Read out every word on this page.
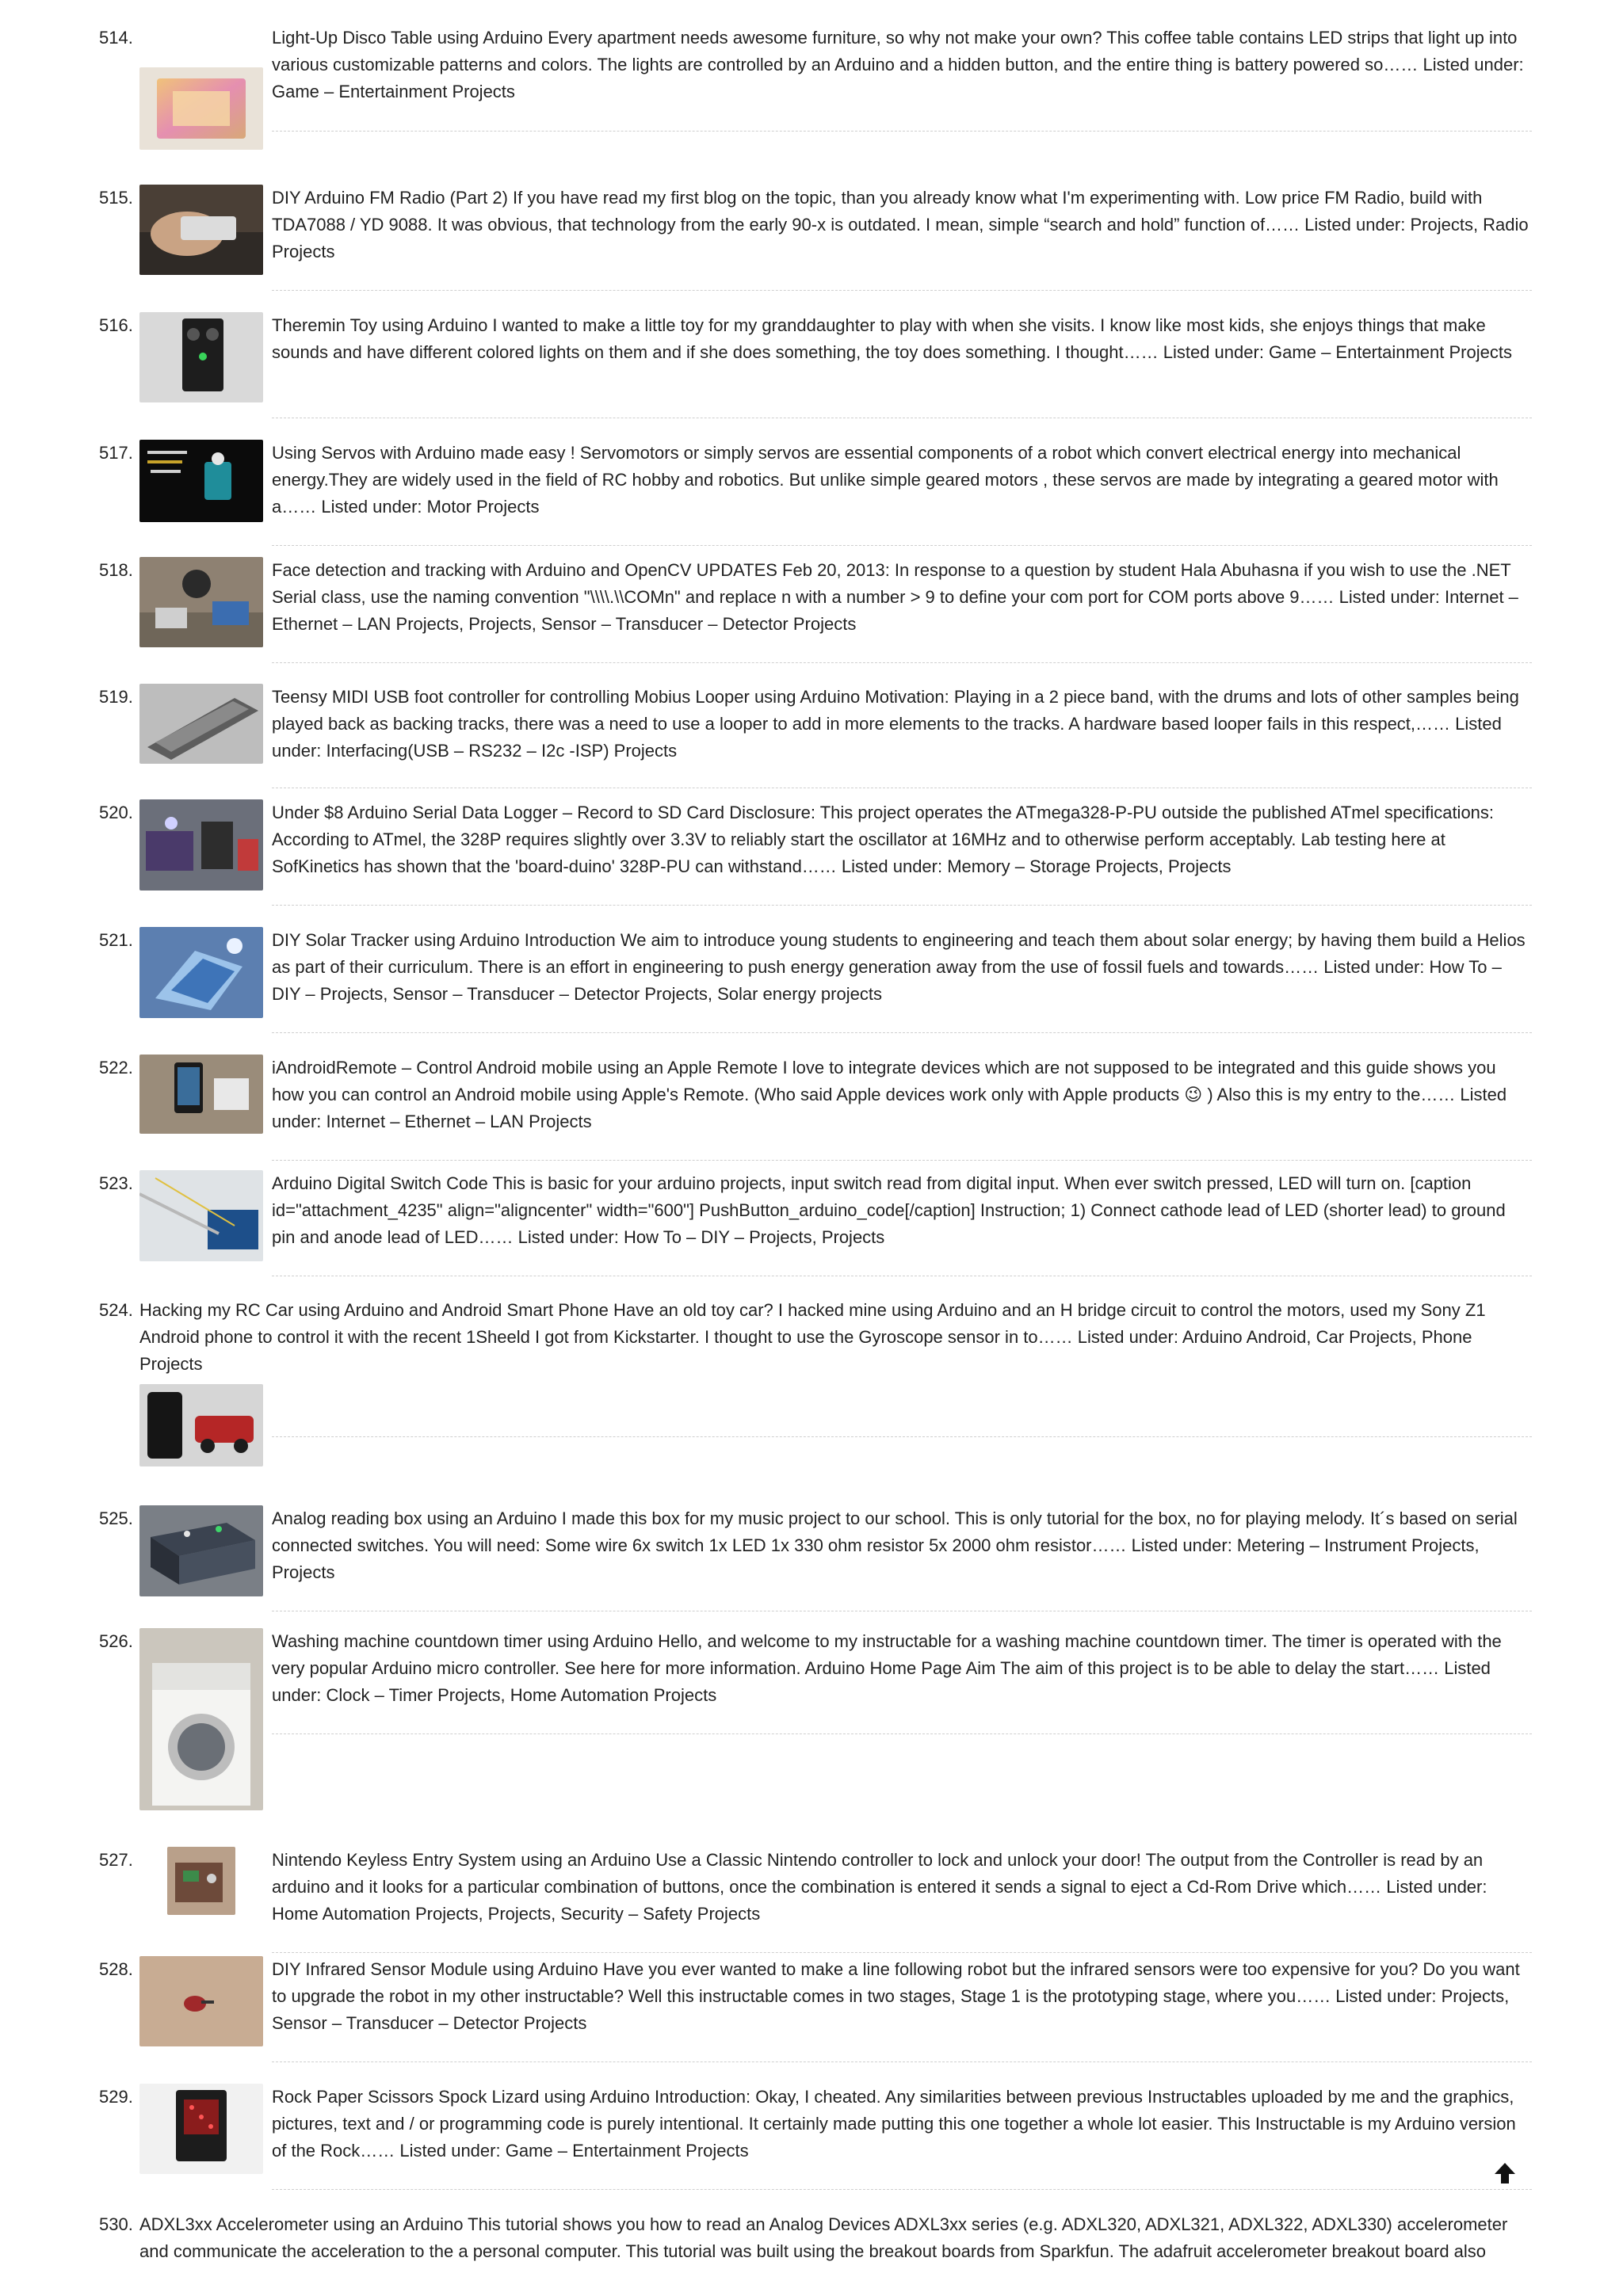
514.	Light-Up Disco Table using Arduino Every apartment needs awesome furniture, so why not make your own? This coffee table contains LED strips that light up into various customizable patterns and colors. The lights are controlled by an Arduino and a hidden button, and the entire thing is battery powered so…… Listed under: Game – Entertainment Projects

515.	DIY Arduino FM Radio (Part 2) If you have read my first blog on the topic, than you already know what I'm experimenting with. Low price FM Radio, build with TDA7088 / YD 9088. It was obvious, that technology from the early 90-x is outdated. I mean, simple “search and hold” function of…… Listed under: Projects, Radio Projects

516.	Theremin Toy using Arduino I wanted to make a little toy for my granddaughter to play with when she visits. I know like most kids, she enjoys things that make sounds and have different colored lights on them and if she does something, the toy does something. I thought…… Listed under: Game – Entertainment Projects

517.	Using Servos with Arduino made easy ! Servomotors or simply servos are essential components of a robot which convert electrical energy into mechanical energy.They are widely used in the field of RC hobby and robotics. But unlike simple geared motors , these servos are made by integrating a geared motor with a…… Listed under: Motor Projects

518.	Face detection and tracking with Arduino and OpenCV UPDATES Feb 20, 2013: In response to a question by student Hala Abuhasna if you wish to use the .NET Serial class, use the naming convention "\\\\.\\COMn" and replace n with a number > 9 to define your com port for COM ports above 9…… Listed under: Internet – Ethernet – LAN Projects, Projects, Sensor – Transducer – Detector Projects

519.	Teensy MIDI USB foot controller for controlling Mobius Looper using Arduino Motivation: Playing in a 2 piece band, with the drums and lots of other samples being played back as backing tracks, there was a need to use a looper to add in more elements to the tracks. A hardware based looper fails in this respect,…… Listed under: Interfacing(USB – RS232 – I2c -ISP) Projects

520.	Under $8 Arduino Serial Data Logger – Record to SD Card Disclosure: This project operates the ATmega328-P-PU outside the published ATmel specifications: According to ATmel, the 328P requires slightly over 3.3V to reliably start the oscillator at 16MHz and to otherwise perform acceptably. Lab testing here at SofKinetics has shown that the 'board-duino' 328P-PU can withstand…… Listed under: Memory – Storage Projects, Projects

521.	DIY Solar Tracker using Arduino Introduction We aim to introduce young students to engineering and teach them about solar energy; by having them build a Helios as part of their curriculum. There is an effort in engineering to push energy generation away from the use of fossil fuels and towards…… Listed under: How To – DIY – Projects, Sensor – Transducer – Detector Projects, Solar energy projects

522.	iAndroidRemote – Control Android mobile using an Apple Remote I love to integrate devices which are not supposed to be integrated and this guide shows you how you can control an Android mobile using Apple's Remote. (Who said Apple devices work only with Apple products 😉 ) Also this is my entry to the…… Listed under: Internet – Ethernet – LAN Projects

523.	Arduino Digital Switch Code This is basic for your arduino projects, input switch read from digital input. When ever switch pressed, LED will turn on. [caption id="attachment_4235" align="aligncenter" width="600"] PushButton_arduino_code[/caption] Instruction; 1) Connect cathode lead of LED (shorter lead) to ground pin and anode lead of LED…… Listed under: How To – DIY – Projects, Projects

524. Hacking my RC Car using Arduino and Android Smart Phone Have an old toy car? I hacked mine using Arduino and an H bridge circuit to control the motors, used my Sony Z1 Android phone to control it with the recent 1Sheeld I got from Kickstarter. I thought to use the Gyroscope sensor in to…… Listed under: Arduino Android, Car Projects, Phone Projects

525.	Analog reading box using an Arduino I made this box for my music project to our school. This is only tutorial for the box, no for playing melody. It´s based on serial connected switches. You will need: Some wire 6x switch 1x LED 1x 330 ohm resistor 5x 2000 ohm resistor…… Listed under: Metering – Instrument Projects, Projects

526.	Washing machine countdown timer using Arduino Hello, and welcome to my instructable for a washing machine countdown timer. The timer is operated with the very popular Arduino micro controller. See here for more information. Arduino Home Page Aim The aim of this project is to be able to delay the start…… Listed under: Clock – Timer Projects, Home Automation Projects

527.	Nintendo Keyless Entry System using an Arduino Use a Classic Nintendo controller to lock and unlock your door! The output from the Controller is read by an arduino and it looks for a particular combination of buttons, once the combination is entered it sends a signal to eject a Cd-Rom Drive which…… Listed under: Home Automation Projects, Projects, Security – Safety Projects

528.	DIY Infrared Sensor Module using Arduino Have you ever wanted to make a line following robot but the infrared sensors were too expensive for you? Do you want to upgrade the robot in my other instructable? Well this instructable comes in two stages, Stage 1 is the prototyping stage, where you…… Listed under: Projects, Sensor – Transducer – Detector Projects

529.	Rock Paper Scissors Spock Lizard using Arduino Introduction: Okay, I cheated. Any similarities between previous Instructables uploaded by me and the graphics, pictures, text and / or programming code is purely intentional. It certainly made putting this one together a whole lot easier. This Instructable is my Arduino version of the Rock…… Listed under: Game – Entertainment Projects

530. ADXL3xx Accelerometer using an Arduino This tutorial shows you how to read an Analog Devices ADXL3xx series (e.g. ADXL320, ADXL321, ADXL322, ADXL330) accelerometer and communicate the acceleration to the a personal computer. This tutorial was built using the breakout boards from Sparkfun. The adafruit accelerometer breakout board also
